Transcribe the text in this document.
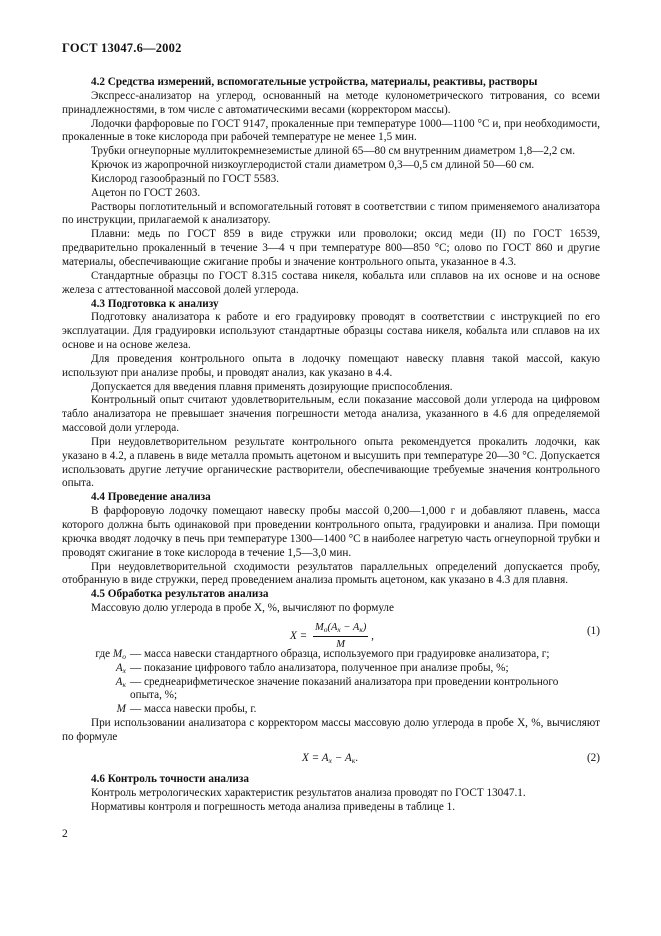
ГОСТ 13047.6—2002

4.2 Средства измерений, вспомогательные устройства, материалы, реактивы, растворы

Экспресс-анализатор на углерод, основанный на методе кулонометрического титрования, со всеми принадлежностями, в том числе с автоматическими весами (корректором массы).

Лодочки фарфоровые по ГОСТ 9147, прокаленные при температуре 1000—1100 °С и, при необходимости, прокаленные в токе кислорода при рабочей температуре не менее 1,5 мин.

Трубки огнеупорные муллитокремнеземистые длиной 65—80 см внутренним диаметром 1,8—2,2 см.

Крючок из жаропрочной низкоуглеродистой стали диаметром 0,3—0,5 см длиной 50—60 см.

Кислород газообразный по ГОСТ 5583.

Ацетон по ГОСТ 2603.

Растворы поглотительный и вспомогательный готовят в соответствии с типом применяемого анализатора по инструкции, прилагаемой к анализатору.

Плавни: медь по ГОСТ 859 в виде стружки или проволоки; оксид меди (II) по ГОСТ 16539, предварительно прокаленный в течение 3—4 ч при температуре 800—850 °С; олово по ГОСТ 860 и другие материалы, обеспечивающие сжигание пробы и значение контрольного опыта, указанное в 4.3.

Стандартные образцы по ГОСТ 8.315 состава никеля, кобальта или сплавов на их основе и на основе железа с аттестованной массовой долей углерода.

4.3 Подготовка к анализу

Подготовку анализатора к работе и его градуировку проводят в соответствии с инструкцией по его эксплуатации. Для градуировки используют стандартные образцы состава никеля, кобальта или сплавов на их основе и на основе железа.

Для проведения контрольного опыта в лодочку помещают навеску плавня такой массой, какую используют при анализе пробы, и проводят анализ, как указано в 4.4.

Допускается для введения плавня применять дозирующие приспособления.

Контрольный опыт считают удовлетворительным, если показание массовой доли углерода на цифровом табло анализатора не превышает значения погрешности метода анализа, указанного в 4.6 для определяемой массовой доли углерода.

При неудовлетворительном результате контрольного опыта рекомендуется прокалить лодочки, как указано в 4.2, а плавень в виде металла промыть ацетоном и высушить при температуре 20—30 °С. Допускается использовать другие летучие органические растворители, обеспечивающие требуемые значения контрольного опыта.

4.4 Проведение анализа

В фарфоровую лодочку помещают навеску пробы массой 0,200—1,000 г и добавляют плавень, масса которого должна быть одинаковой при проведении контрольного опыта, градуировки и анализа. При помощи крючка вводят лодочку в печь при температуре 1300—1400 °С в наиболее нагретую часть огнеупорной трубки и проводят сжигание в токе кислорода в течение 1,5—3,0 мин.

При неудовлетворительной сходимости результатов параллельных определений допускается пробу, отобранную в виде стружки, перед проведением анализа промыть ацетоном, как указано в 4.3 для плавня.

4.5 Обработка результатов анализа

Массовую долю углерода в пробе X, %, вычисляют по формуле

$X = \frac{M_o(A_x - A_к)}{M}$ ,	(1)
где $M_o$ — масса навески стандартного образца, используемого при градуировке анализатора, г;
$A_x$ — показание цифрового табло анализатора, полученное при анализе пробы, %;
$A_к$ — среднеарифметическое значение показаний анализатора при проведении контрольного
опыта, %;
M — масса навески пробы, г.

При использовании анализатора с корректором массы массовую долю углерода в пробе X, %, вычисляют по формуле

$X = A_x - A_к$.	(2)

4.6 Контроль точности анализа

Контроль метрологических характеристик результатов анализа проводят по ГОСТ 13047.1.

Нормативы контроля и погрешность метода анализа приведены в таблице 1.

2
